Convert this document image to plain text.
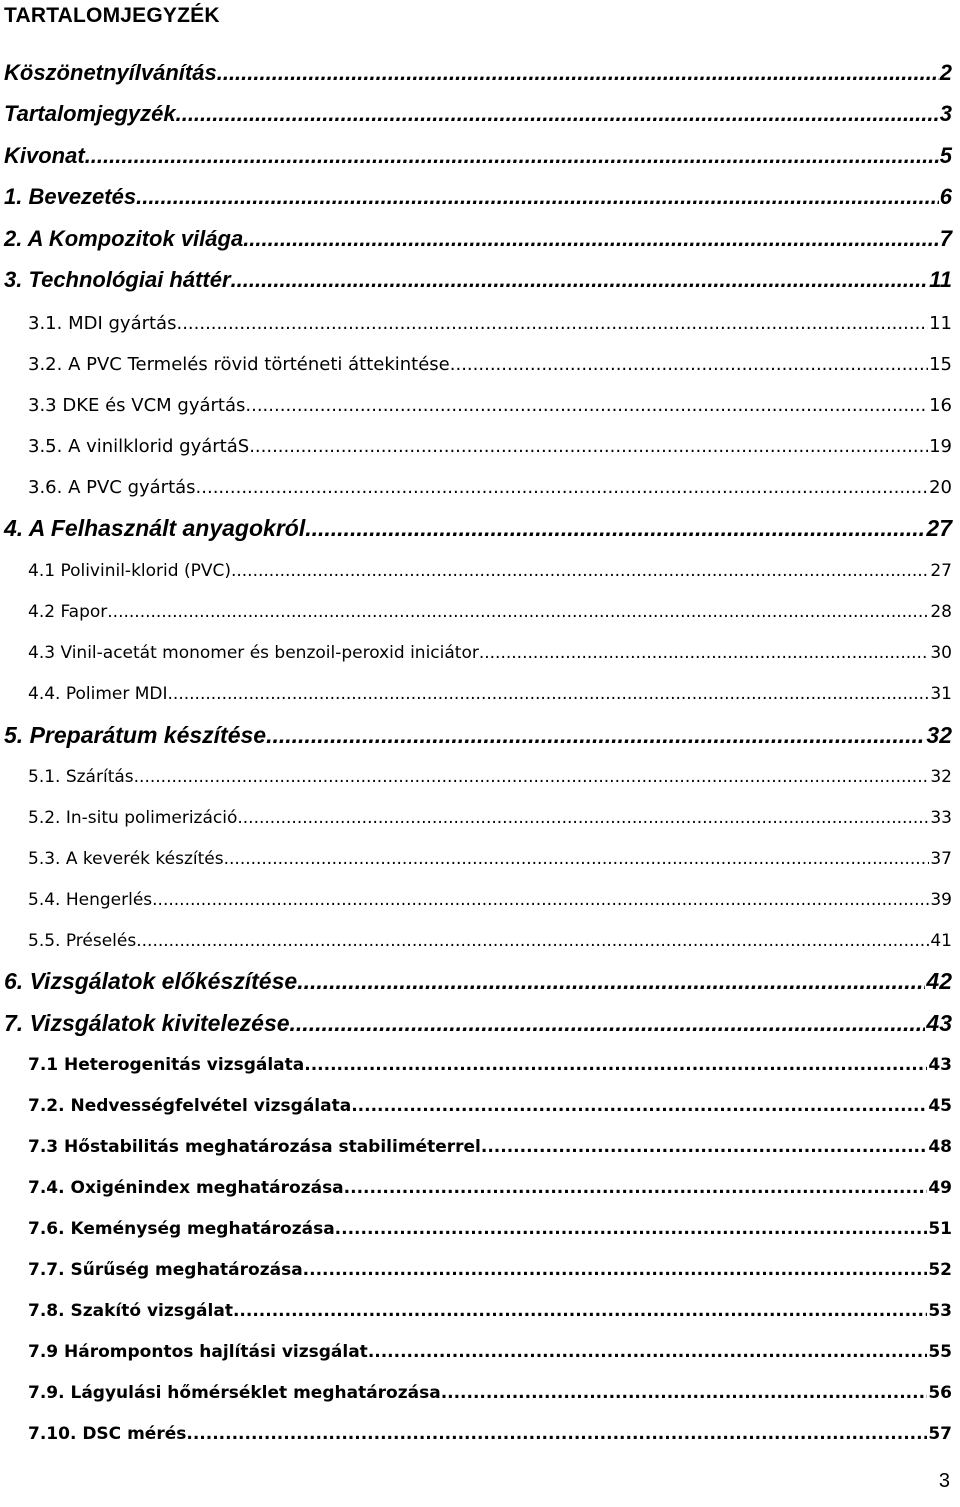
TARTALOMJEGYZÉK
Köszönetnyílvánítás .....	2
Tartalomjegyzék .....	3
Kivonat .....	5
1. Bevezetés .....	6
2. A Kompozitok világa .....	7
3. Technológiai háttér .....	11
3.1. MDI gyártás .....	11
3.2. A PVC Termelés rövid történeti áttekintése .....	15
3.3 DKE és VCM gyártás .....	16
3.5. A vinilklorid gyártáS .....	19
3.6. A PVC gyártás .....	20
4. A Felhasznált anyagokról .....	27
4.1 Polivinil-klorid (PVC) .....	27
4.2 Fapor .....	28
4.3 Vinil-acetát monomer és benzoil-peroxid iniciátor .....	30
4.4. Polimer MDI .....	31
5. Preparátum készítése .....	32
5.1. Szárítás .....	32
5.2. In-situ polimerizáció .....	33
5.3. A keverék készítés .....	37
5.4. Hengerlés .....	39
5.5. Préselés .....	41
6. Vizsgálatok előkészítése .....	42
7. Vizsgálatok kivitelezése .....	43
7.1 Heterogenitás vizsgálata .....	43
7.2. Nedvességfelvétel vizsgálata .....	45
7.3 Hőstabilitás meghatározása stabiliméterrel .....	48
7.4. Oxigénindex meghatározása .....	49
7.6. Keménység meghatározása .....	51
7.7. Sűrűség meghatározása .....	52
7.8. Szakító vizsgálat .....	53
7.9 Hárompontos hajlítási vizsgálat .....	55
7.9. Lágyulási hőmérséklet meghatározása .....	56
7.10. DSC mérés .....	57
3
